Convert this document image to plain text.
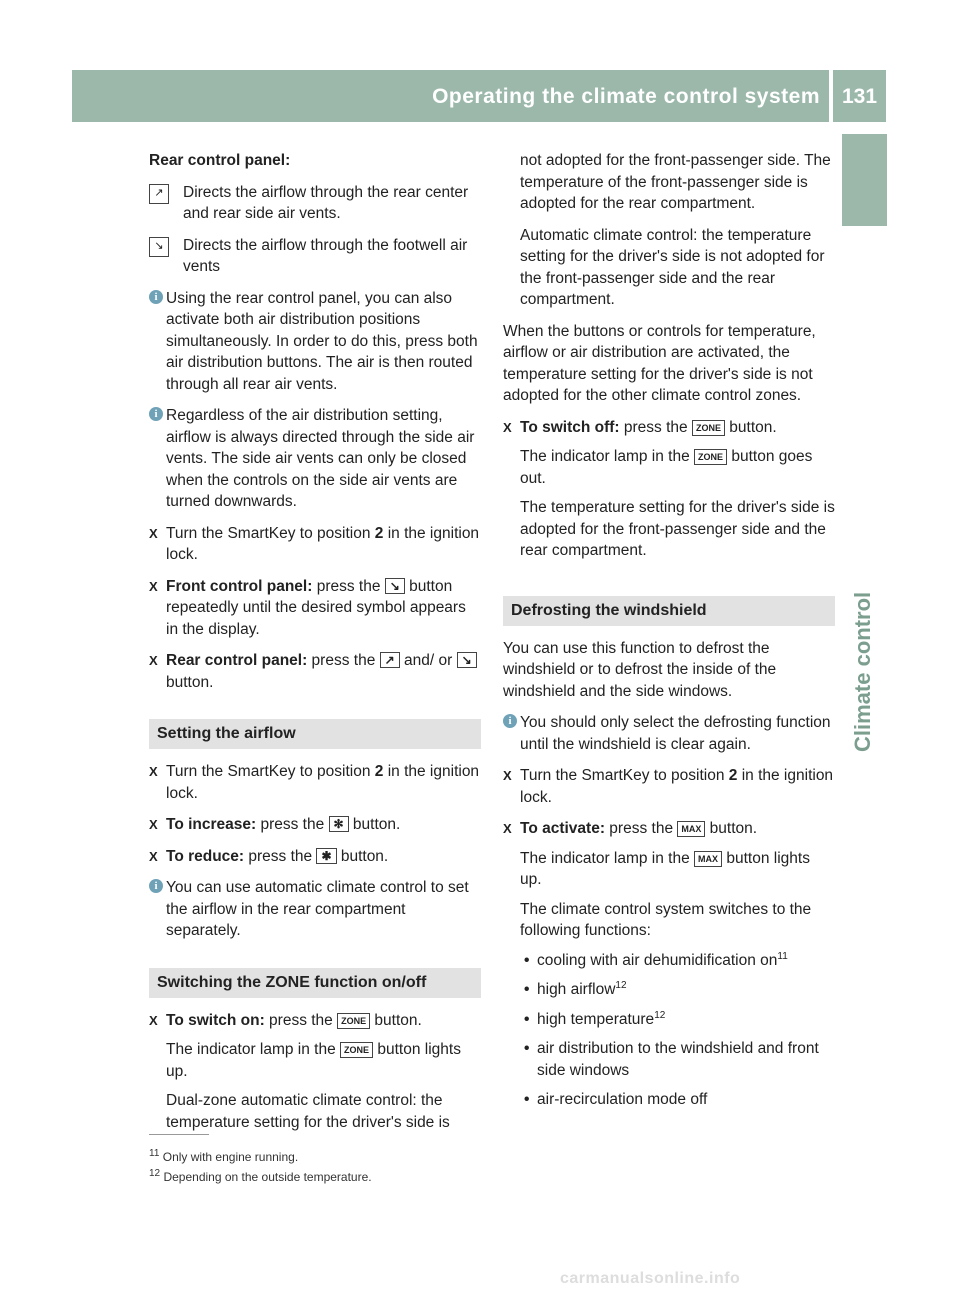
Operating the climate control system	131
Climate control

Rear control panel:

↗	Directs the airflow through the rear center and rear side air vents.
↘	Directs the airflow through the footwell air vents
i Using the rear control panel, you can also activate both air distribution positions simultaneously. In order to do this, press both air distribution buttons. The air is then routed through all rear air vents.
i Regardless of the air distribution setting, airflow is always directed through the side air vents. The side air vents can only be closed when the controls on the side air vents are turned downwards.
X Turn the SmartKey to position 2 in the ignition lock.
X Front control panel: press the ↘ button repeatedly until the desired symbol appears in the display.
X Rear control panel: press the ↗ and/ or ↘ button.
Setting the airflow
X Turn the SmartKey to position 2 in the ignition lock.
X To increase: press the ✻ button.
X To reduce: press the ✱ button.
i You can use automatic climate control to set the airflow in the rear compartment separately.
Switching the ZONE function on/off
X To switch on: press the ZONE button.

The indicator lamp in the ZONE button lights up.

Dual-zone automatic climate control: the temperature setting for the driver's side is

not adopted for the front-passenger side. The temperature of the front-passenger side is adopted for the rear compartment.

Automatic climate control: the temperature setting for the driver's side is not adopted for the front-passenger side and the rear compartment.

When the buttons or controls for temperature, airflow or air distribution are activated, the temperature setting for the driver's side is not adopted for the other climate control zones.

X To switch off: press the ZONE button.

The indicator lamp in the ZONE button goes out.

The temperature setting for the driver's side is adopted for the front-passenger side and the rear compartment.

Defrosting the windshield

You can use this function to defrost the windshield or to defrost the inside of the windshield and the side windows.

i You should only select the defrosting function until the windshield is clear again.
X Turn the SmartKey to position 2 in the ignition lock.
X To activate: press the MAX button.

The indicator lamp in the MAX button lights up.

The climate control system switches to the following functions:

• cooling with air dehumidification $on^{11}$
• high airflow$^{12}$
• high temperature$^{12}$
• air distribution to the windshield and front side windows
• air-recirculation mode off
$^{11}$ Only with engine running.
$^{12}$ Depending on the outside temperature.
carmanualsonline.info
